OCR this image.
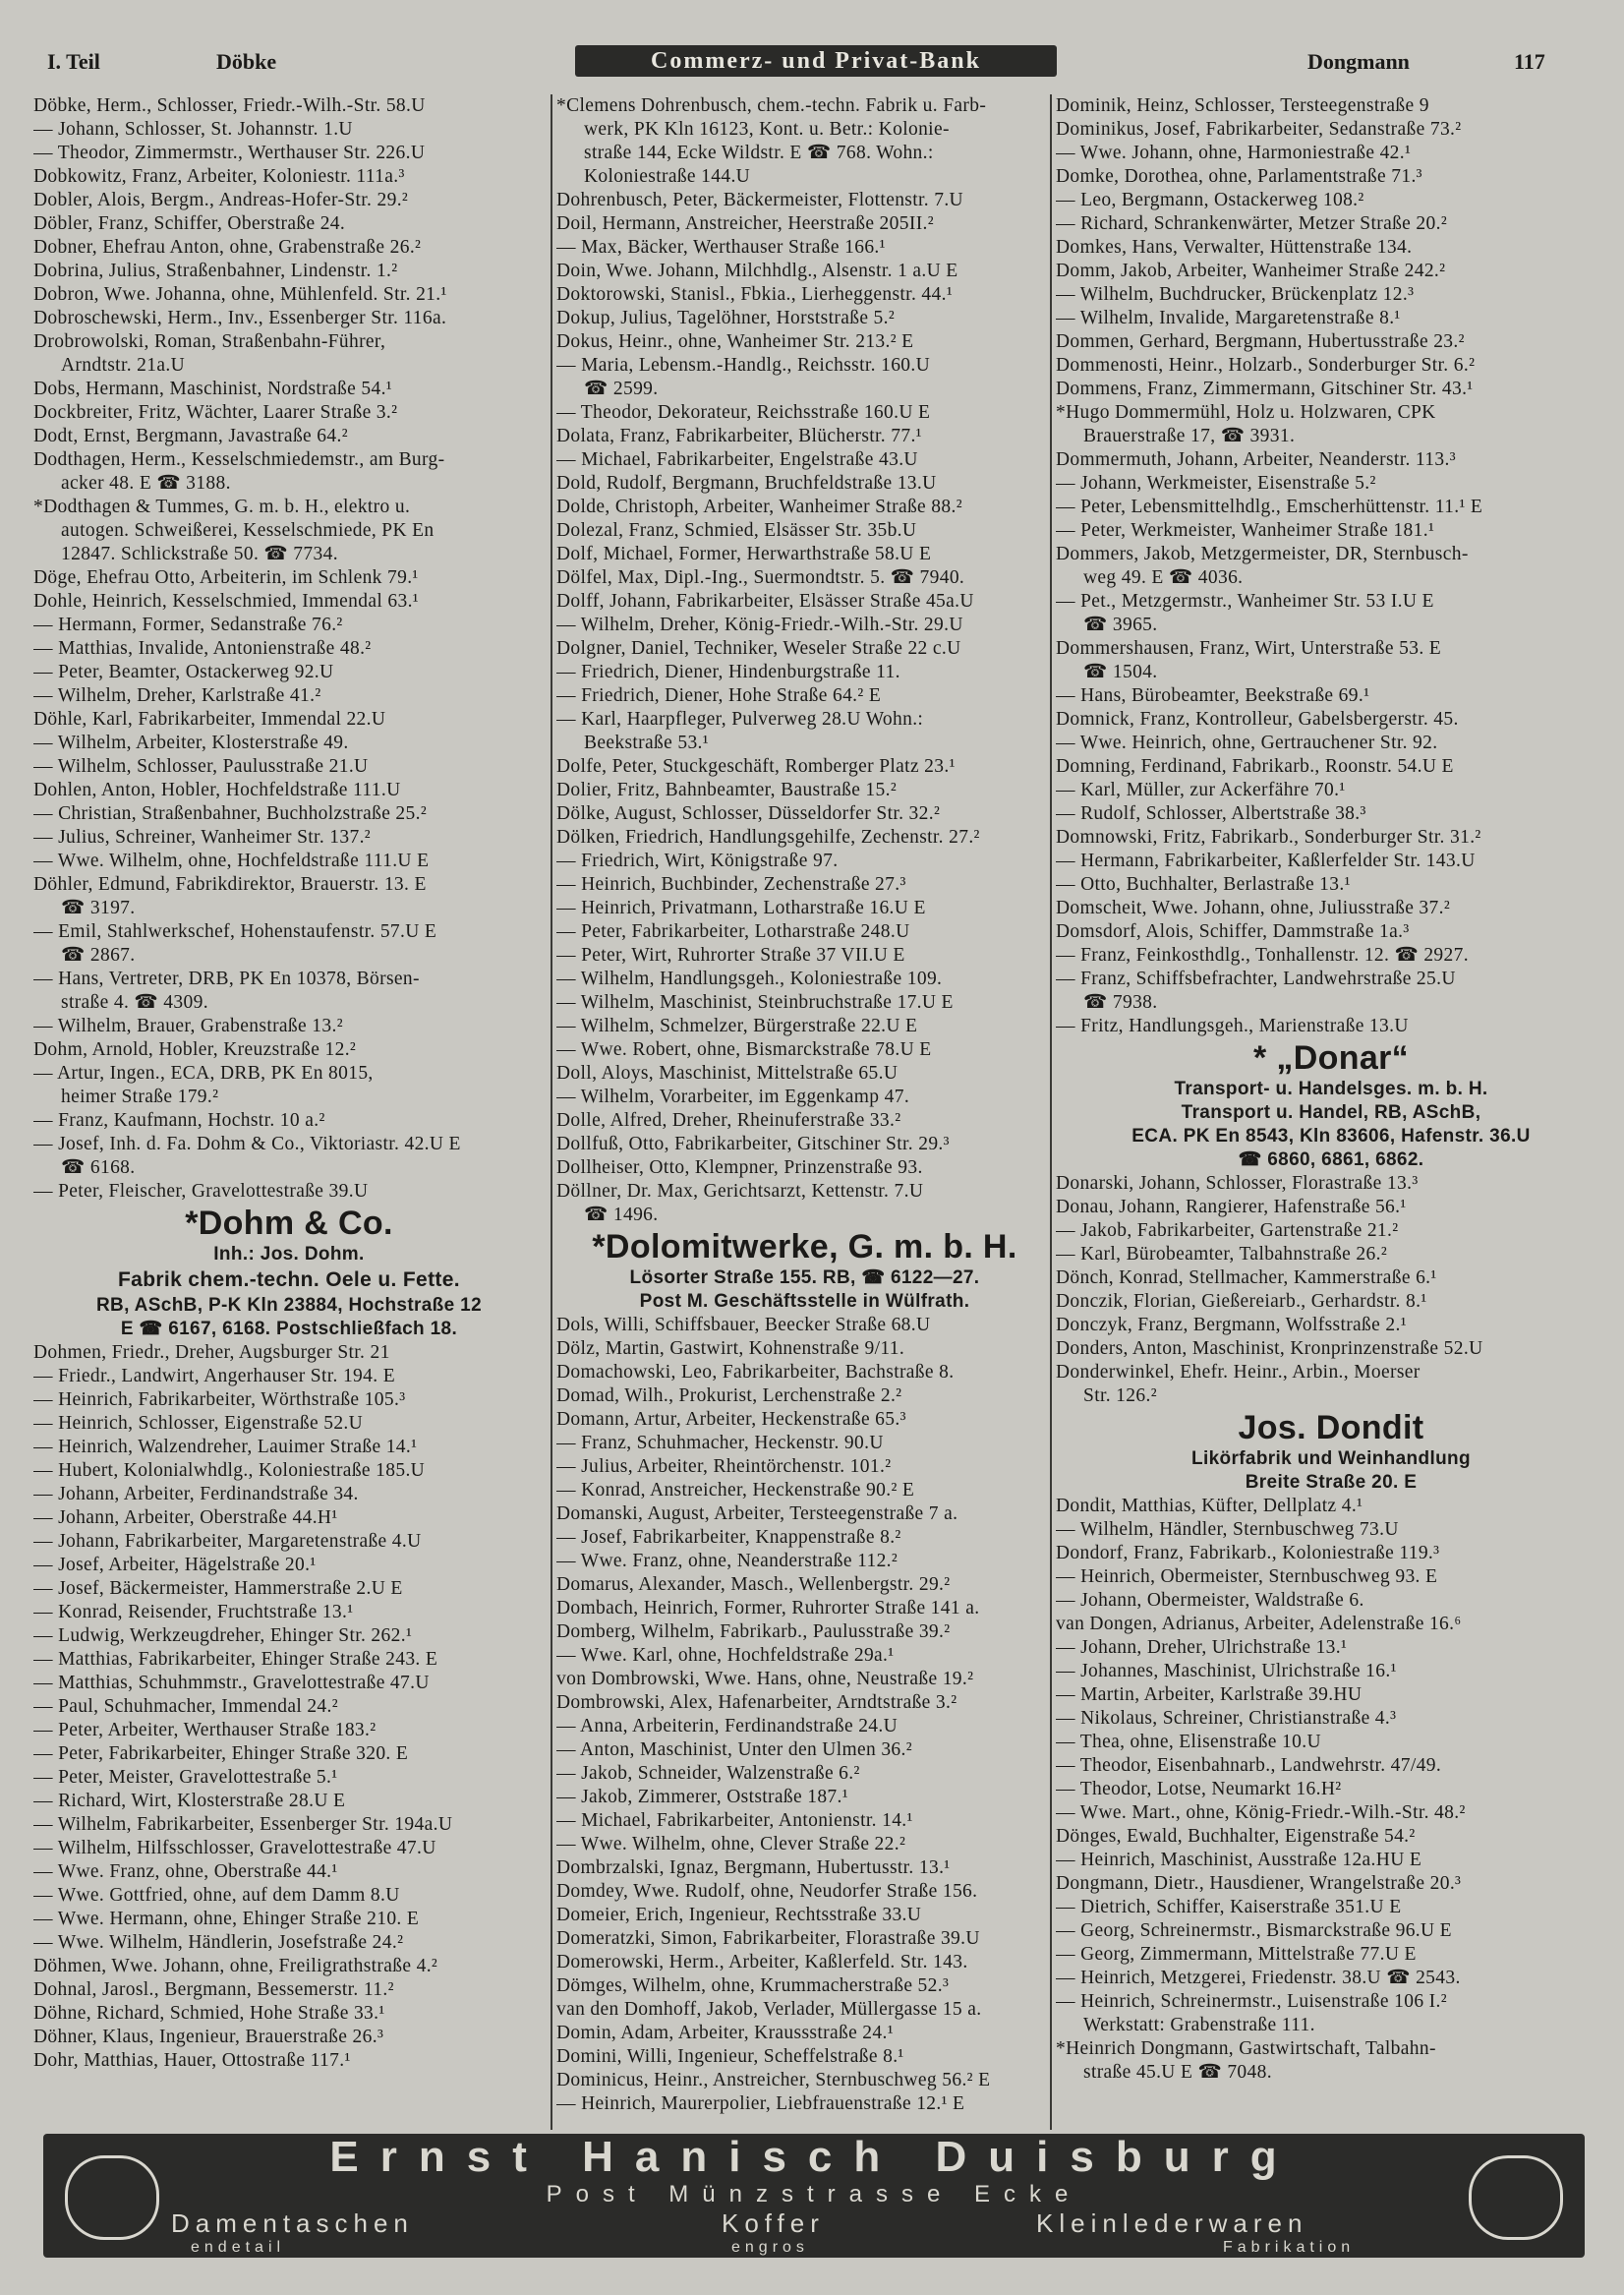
I. Teil	Döbke	Commerz- und Privat-Bank	Dongmann	117
Döbke, Herm., Schlosser, Friedr.-Wilh.-Str. 58.U
— Johann, Schlosser, St. Johannstr. 1.U
— Theodor, Zimmermstr., Werthauser Str. 226.U
Dobkowitz, Franz, Arbeiter, Koloniestr. 111a.³
Dobler, Alois, Bergm., Andreas-Hofer-Str. 29.²
Döbler, Franz, Schiffer, Oberstraße 24.
Dobner, Ehefrau Anton, ohne, Grabenstraße 26.²
Dobrina, Julius, Straßenbahner, Lindenstr. 1.²
Dobron, Wwe. Johanna, ohne, Mühlenfeld. Str. 21.¹
Dobroschewski, Herm., Inv., Essenberger Str. 116a.
Drobrowolski, Roman, Straßenbahn-Führer,
Arndtstr. 21a.U
Dobs, Hermann, Maschinist, Nordstraße 54.¹
Dockbreiter, Fritz, Wächter, Laarer Straße 3.²
Dodt, Ernst, Bergmann, Javastraße 64.²
Dodthagen, Herm., Kesselschmiedemstr., am Burg-
acker 48. E ☎ 3188.
*Dodthagen & Tummes, G. m. b. H., elektro u.
autogen. Schweißerei, Kesselschmiede, PK En
12847. Schlickstraße 50. ☎ 7734.
Döge, Ehefrau Otto, Arbeiterin, im Schlenk 79.¹
Dohle, Heinrich, Kesselschmied, Immendal 63.¹
— Hermann, Former, Sedanstraße 76.²
— Matthias, Invalide, Antonienstraße 48.²
— Peter, Beamter, Ostackerweg 92.U
— Wilhelm, Dreher, Karlstraße 41.²
Döhle, Karl, Fabrikarbeiter, Immendal 22.U
— Wilhelm, Arbeiter, Klosterstraße 49.
— Wilhelm, Schlosser, Paulusstraße 21.U
Dohlen, Anton, Hobler, Hochfeldstraße 111.U
— Christian, Straßenbahner, Buchholzstraße 25.²
— Julius, Schreiner, Wanheimer Str. 137.²
— Wwe. Wilhelm, ohne, Hochfeldstraße 111.U E
Döhler, Edmund, Fabrikdirektor, Brauerstr. 13. E
☎ 3197.
— Emil, Stahlwerkschef, Hohenstaufenstr. 57.U E
☎ 2867.
— Hans, Vertreter, DRB, PK En 10378, Börsen-
straße 4. ☎ 4309.
— Wilhelm, Brauer, Grabenstraße 13.²
Dohm, Arnold, Hobler, Kreuzstraße 12.²
— Artur, Ingen., ECA, DRB, PK En 8015,
heimer Straße 179.²
— Franz, Kaufmann, Hochstr. 10 a.²
— Josef, Inh. d. Fa. Dohm & Co., Viktoriastr. 42.U E
☎ 6168.
— Peter, Fleischer, Gravelottestraße 39.U
*Dohm & Co.
Inh.: Jos. Dohm.
Fabrik chem.-techn. Oele u. Fette.
RB, ASchB, P-K Kln 23884, Hochstraße 12
E ☎ 6167, 6168. Postschließfach 18.
Dohmen, Friedr., Dreher, Augsburger Str. 21
— Friedr., Landwirt, Angerhauser Str. 194. E
— Heinrich, Fabrikarbeiter, Wörthstraße 105.³
— Heinrich, Schlosser, Eigenstraße 52.U
— Heinrich, Walzendreher, Lauimer Straße 14.¹
— Hubert, Kolonialwhdlg., Koloniestraße 185.U
— Johann, Arbeiter, Ferdinandstraße 34.
— Johann, Arbeiter, Oberstraße 44.H¹
— Johann, Fabrikarbeiter, Margaretenstraße 4.U
— Josef, Arbeiter, Hägelstraße 20.¹
— Josef, Bäckermeister, Hammerstraße 2.U E
— Konrad, Reisender, Fruchtstraße 13.¹
— Ludwig, Werkzeugdreher, Ehinger Str. 262.¹
— Matthias, Fabrikarbeiter, Ehinger Straße 243. E
— Matthias, Schuhmmstr., Gravelottestraße 47.U
— Paul, Schuhmacher, Immendal 24.²
— Peter, Arbeiter, Werthauser Straße 183.²
— Peter, Fabrikarbeiter, Ehinger Straße 320. E
— Peter, Meister, Gravelottestraße 5.¹
— Richard, Wirt, Klosterstraße 28.U E
— Wilhelm, Fabrikarbeiter, Essenberger Str. 194a.U
— Wilhelm, Hilfsschlosser, Gravelottestraße 47.U
— Wwe. Franz, ohne, Oberstraße 44.¹
— Wwe. Gottfried, ohne, auf dem Damm 8.U
— Wwe. Hermann, ohne, Ehinger Straße 210. E
— Wwe. Wilhelm, Händlerin, Josefstraße 24.²
Döhmen, Wwe. Johann, ohne, Freiligrathstraße 4.²
Dohnal, Jarosl., Bergmann, Bessemerstr. 11.²
Döhne, Richard, Schmied, Hohe Straße 33.¹
Döhner, Klaus, Ingenieur, Brauerstraße 26.³
Dohr, Matthias, Hauer, Ottostraße 117.¹
*Clemens Dohrenbusch, chem.-techn. Fabrik u. Farb-
werk, PK Kln 16123, Kont. u. Betr.: Kolonie-
straße 144, Ecke Wildstr. E ☎ 768. Wohn.:
Koloniestraße 144.U
Dohrenbusch, Peter, Bäckermeister, Flottenstr. 7.U
Doil, Hermann, Anstreicher, Heerstraße 205II.²
— Max, Bäcker, Werthauser Straße 166.¹
Doin, Wwe. Johann, Milchhdlg., Alsenstr. 1 a.U E
Doktorowski, Stanisl., Fbkia., Lierheggenstr. 44.¹
Dokup, Julius, Tagelöhner, Horststraße 5.²
Dokus, Heinr., ohne, Wanheimer Str. 213.² E
— Maria, Lebensm.-Handlg., Reichsstr. 160.U
☎ 2599.
— Theodor, Dekorateur, Reichsstraße 160.U E
Dolata, Franz, Fabrikarbeiter, Blücherstr. 77.¹
— Michael, Fabrikarbeiter, Engelstraße 43.U
Dold, Rudolf, Bergmann, Bruchfeldstraße 13.U
Dolde, Christoph, Arbeiter, Wanheimer Straße 88.²
Dolezal, Franz, Schmied, Elsässer Str. 35b.U
Dolf, Michael, Former, Herwarthstraße 58.U E
Dölfel, Max, Dipl.-Ing., Suermondtstr. 5. ☎ 7940.
Dolff, Johann, Fabrikarbeiter, Elsässer Straße 45a.U
— Wilhelm, Dreher, König-Friedr.-Wilh.-Str. 29.U
Dolgner, Daniel, Techniker, Weseler Straße 22 c.U
— Friedrich, Diener, Hindenburgstraße 11.
— Friedrich, Diener, Hohe Straße 64.² E
— Karl, Haarpfleger, Pulverweg 28.U Wohn.:
Beekstraße 53.¹
Dolfe, Peter, Stuckgeschäft, Romberger Platz 23.¹
Dolier, Fritz, Bahnbeamter, Baustraße 15.²
Dölke, August, Schlosser, Düsseldorfer Str. 32.²
Dölken, Friedrich, Handlungsgehilfe, Zechenstr. 27.²
— Friedrich, Wirt, Königstraße 97.
— Heinrich, Buchbinder, Zechenstraße 27.³
— Heinrich, Privatmann, Lotharstraße 16.U E
— Peter, Fabrikarbeiter, Lotharstraße 248.U
— Peter, Wirt, Ruhrorter Straße 37 VII.U E
— Wilhelm, Handlungsgeh., Koloniestraße 109.
— Wilhelm, Maschinist, Steinbruchstraße 17.U E
— Wilhelm, Schmelzer, Bürgerstraße 22.U E
— Wwe. Robert, ohne, Bismarckstraße 78.U E
Doll, Aloys, Maschinist, Mittelstraße 65.U
— Wilhelm, Vorarbeiter, im Eggenkamp 47.
Dolle, Alfred, Dreher, Rheinuferstraße 33.²
Dollfuß, Otto, Fabrikarbeiter, Gitschiner Str. 29.³
Dollheiser, Otto, Klempner, Prinzenstraße 93.
Döllner, Dr. Max, Gerichtsarzt, Kettenstr. 7.U
☎ 1496.
*Dolomitwerke, G. m. b. H.
Lösorter Straße 155. RB, ☎ 6122—27.
Post M. Geschäftsstelle in Wülfrath.
Dols, Willi, Schiffsbauer, Beecker Straße 68.U
Dölz, Martin, Gastwirt, Kohnenstraße 9/11.
Domachowski, Leo, Fabrikarbeiter, Bachstraße 8.
Domad, Wilh., Prokurist, Lerchenstraße 2.²
Domann, Artur, Arbeiter, Heckenstraße 65.³
— Franz, Schuhmacher, Heckenstr. 90.U
— Julius, Arbeiter, Rheintörchenstr. 101.²
— Konrad, Anstreicher, Heckenstraße 90.² E
Domanski, August, Arbeiter, Tersteegenstraße 7 a.
— Josef, Fabrikarbeiter, Knappenstraße 8.²
— Wwe. Franz, ohne, Neanderstraße 112.²
Domarus, Alexander, Masch., Wellenbergstr. 29.²
Dombach, Heinrich, Former, Ruhrorter Straße 141 a.
Domberg, Wilhelm, Fabrikarb., Paulusstraße 39.²
— Wwe. Karl, ohne, Hochfeldstraße 29a.¹
von Dombrowski, Wwe. Hans, ohne, Neustraße 19.²
Dombrowski, Alex, Hafenarbeiter, Arndtstraße 3.²
— Anna, Arbeiterin, Ferdinandstraße 24.U
— Anton, Maschinist, Unter den Ulmen 36.²
— Jakob, Schneider, Walzenstraße 6.²
— Jakob, Zimmerer, Oststraße 187.¹
— Michael, Fabrikarbeiter, Antonienstr. 14.¹
— Wwe. Wilhelm, ohne, Clever Straße 22.²
Dombrzalski, Ignaz, Bergmann, Hubertusstr. 13.¹
Domdey, Wwe. Rudolf, ohne, Neudorfer Straße 156.
Domeier, Erich, Ingenieur, Rechtsstraße 33.U
Domeratzki, Simon, Fabrikarbeiter, Florastraße 39.U
Domerowski, Herm., Arbeiter, Kaßlerfeld. Str. 143.
Dömges, Wilhelm, ohne, Krummacherstraße 52.³
van den Domhoff, Jakob, Verlader, Müllergasse 15 a.
Domin, Adam, Arbeiter, Kraussstraße 24.¹
Domini, Willi, Ingenieur, Scheffelstraße 8.¹
Dominicus, Heinr., Anstreicher, Sternbuschweg 56.² E
— Heinrich, Maurerpolier, Liebfrauenstraße 12.¹ E
Dominik, Heinz, Schlosser, Tersteegenstraße 9
Dominikus, Josef, Fabrikarbeiter, Sedanstraße 73.²
— Wwe. Johann, ohne, Harmoniestraße 42.¹
Domke, Dorothea, ohne, Parlamentstraße 71.³
— Leo, Bergmann, Ostackerweg 108.²
— Richard, Schrankenwärter, Metzer Straße 20.²
Domkes, Hans, Verwalter, Hüttenstraße 134.
Domm, Jakob, Arbeiter, Wanheimer Straße 242.²
— Wilhelm, Buchdrucker, Brückenplatz 12.³
— Wilhelm, Invalide, Margaretenstraße 8.¹
Dommen, Gerhard, Bergmann, Hubertusstraße 23.²
Dommenosti, Heinr., Holzarb., Sonderburger Str. 6.²
Dommens, Franz, Zimmermann, Gitschiner Str. 43.¹
*Hugo Dommermühl, Holz u. Holzwaren, CPK
Brauerstraße 17, ☎ 3931.
Dommermuth, Johann, Arbeiter, Neanderstr. 113.³
— Johann, Werkmeister, Eisenstraße 5.²
— Peter, Lebensmittelhdlg., Emscherhüttenstr. 11.¹ E
— Peter, Werkmeister, Wanheimer Straße 181.¹
Dommers, Jakob, Metzgermeister, DR, Sternbusch-
weg 49. E ☎ 4036.
— Pet., Metzgermstr., Wanheimer Str. 53 I.U E
☎ 3965.
Dommershausen, Franz, Wirt, Unterstraße 53. E
☎ 1504.
— Hans, Bürobeamter, Beekstraße 69.¹
Domnick, Franz, Kontrolleur, Gabelsbergerstr. 45.
— Wwe. Heinrich, ohne, Gertrauchener Str. 92.
Domning, Ferdinand, Fabrikarb., Roonstr. 54.U E
— Karl, Müller, zur Ackerfähre 70.¹
— Rudolf, Schlosser, Albertstraße 38.³
Domnowski, Fritz, Fabrikarb., Sonderburger Str. 31.²
— Hermann, Fabrikarbeiter, Kaßlerfelder Str. 143.U
— Otto, Buchhalter, Berlastraße 13.¹
Domscheit, Wwe. Johann, ohne, Juliusstraße 37.²
Domsdorf, Alois, Schiffer, Dammstraße 1a.³
— Franz, Feinkosthdlg., Tonhallenstr. 12. ☎ 2927.
— Franz, Schiffsbefrachter, Landwehrstraße 25.U
☎ 7938.
— Fritz, Handlungsgeh., Marienstraße 13.U
* „Donar“
Transport- u. Handelsges. m. b. H.
Transport u. Handel, RB, ASchB,
ECA. PK En 8543, Kln 83606, Hafenstr. 36.U
☎ 6860, 6861, 6862.
Donarski, Johann, Schlosser, Florastraße 13.³
Donau, Johann, Rangierer, Hafenstraße 56.¹
— Jakob, Fabrikarbeiter, Gartenstraße 21.²
— Karl, Bürobeamter, Talbahnstraße 26.²
Dönch, Konrad, Stellmacher, Kammerstraße 6.¹
Donczik, Florian, Gießereiarb., Gerhardstr. 8.¹
Donczyk, Franz, Bergmann, Wolfsstraße 2.¹
Donders, Anton, Maschinist, Kronprinzenstraße 52.U
Donderwinkel, Ehefr. Heinr., Arbin., Moerser
Str. 126.²
Jos. Dondit
Likörfabrik und Weinhandlung
Breite Straße 20. E
Dondit, Matthias, Küfter, Dellplatz 4.¹
— Wilhelm, Händler, Sternbuschweg 73.U
Dondorf, Franz, Fabrikarb., Koloniestraße 119.³
— Heinrich, Obermeister, Sternbuschweg 93. E
— Johann, Obermeister, Waldstraße 6.
van Dongen, Adrianus, Arbeiter, Adelenstraße 16.⁶
— Johann, Dreher, Ulrichstraße 13.¹
— Johannes, Maschinist, Ulrichstraße 16.¹
— Martin, Arbeiter, Karlstraße 39.HU
— Nikolaus, Schreiner, Christianstraße 4.³
— Thea, ohne, Elisenstraße 10.U
— Theodor, Eisenbahnarb., Landwehrstr. 47/49.
— Theodor, Lotse, Neumarkt 16.H²
— Wwe. Mart., ohne, König-Friedr.-Wilh.-Str. 48.²
Dönges, Ewald, Buchhalter, Eigenstraße 54.²
— Heinrich, Maschinist, Ausstraße 12a.HU E
Dongmann, Dietr., Hausdiener, Wrangelstraße 20.³
— Dietrich, Schiffer, Kaiserstraße 351.U E
— Georg, Schreinermstr., Bismarckstraße 96.U E
— Georg, Zimmermann, Mittelstraße 77.U E
— Heinrich, Metzgerei, Friedenstr. 38.U ☎ 2543.
— Heinrich, Schreinermstr., Luisenstraße 106 I.²
Werkstatt: Grabenstraße 111.
*Heinrich Dongmann, Gastwirtschaft, Talbahn-
straße 45.U E ☎ 7048.
Ernst Hanisch Duisburg
Post Münzstrasse Ecke
Damentaschen
endetail
Koffer
engros
Kleinlederwaren
Fabrikation
